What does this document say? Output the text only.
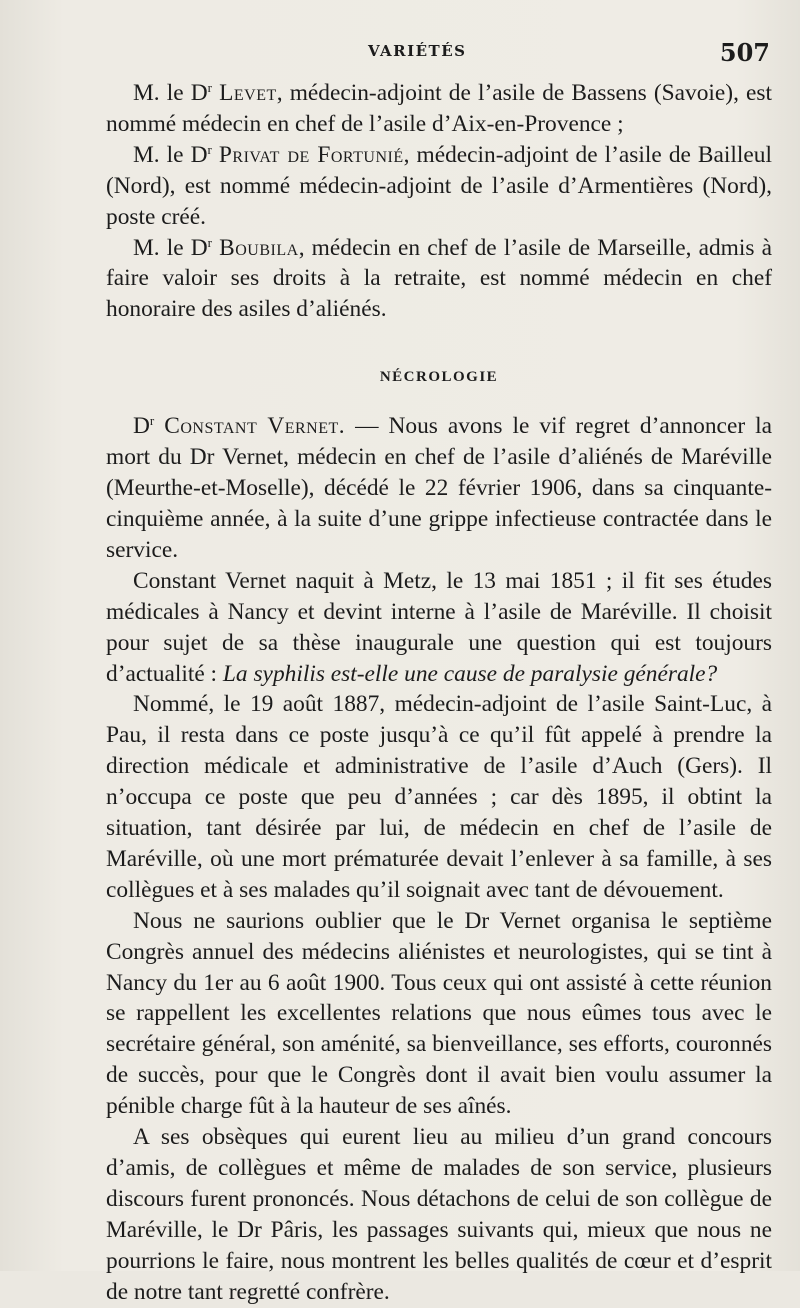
VARIÉTÉS	507

M. le $D^r$ Levet, médecin-adjoint de l’asile de Bassens (Savoie), est nommé médecin en chef de l’asile d’Aix-en-Provence ;

M. le $D^r$ Privat de Fortunié, médecin-adjoint de l’asile de Bailleul (Nord), est nommé médecin-adjoint de l’asile d’Armentières (Nord), poste créé.

M. le $D^r$ Boubila, médecin en chef de l’asile de Marseille, admis à faire valoir ses droits à la retraite, est nommé médecin en chef honoraire des asiles d’aliénés.

NÉCROLOGIE

$D^r$ Constant Vernet. — Nous avons le vif regret d’annoncer la mort du Dr Vernet, médecin en chef de l’asile d’aliénés de Maréville (Meurthe-et-Moselle), décédé le 22 février 1906, dans sa cinquante-cinquième année, à la suite d’une grippe infectieuse contractée dans le service.

Constant Vernet naquit à Metz, le 13 mai 1851 ; il fit ses études médicales à Nancy et devint interne à l’asile de Maréville. Il choisit pour sujet de sa thèse inaugurale une question qui est toujours d’actualité : La syphilis est-elle une cause de paralysie générale?

Nommé, le 19 août 1887, médecin-adjoint de l’asile Saint-Luc, à Pau, il resta dans ce poste jusqu’à ce qu’il fût appelé à prendre la direction médicale et administrative de l’asile d’Auch (Gers). Il n’occupa ce poste que peu d’années ; car dès 1895, il obtint la situation, tant désirée par lui, de médecin en chef de l’asile de Maréville, où une mort prématurée devait l’enlever à sa famille, à ses collègues et à ses malades qu’il soignait avec tant de dévouement.

Nous ne saurions oublier que le Dr Vernet organisa le septième Congrès annuel des médecins aliénistes et neurologistes, qui se tint à Nancy du 1er au 6 août 1900. Tous ceux qui ont assisté à cette réunion se rappellent les excellentes relations que nous eûmes tous avec le secrétaire général, son aménité, sa bienveillance, ses efforts, couronnés de succès, pour que le Congrès dont il avait bien voulu assumer la pénible charge fût à la hauteur de ses aînés.

A ses obsèques qui eurent lieu au milieu d’un grand concours d’amis, de collègues et même de malades de son service, plusieurs discours furent prononcés. Nous détachons de celui de son collègue de Maréville, le Dr Pâris, les passages suivants qui, mieux que nous ne pourrions le faire, nous montrent les belles qualités de cœur et d’esprit de notre tant regretté confrère.
